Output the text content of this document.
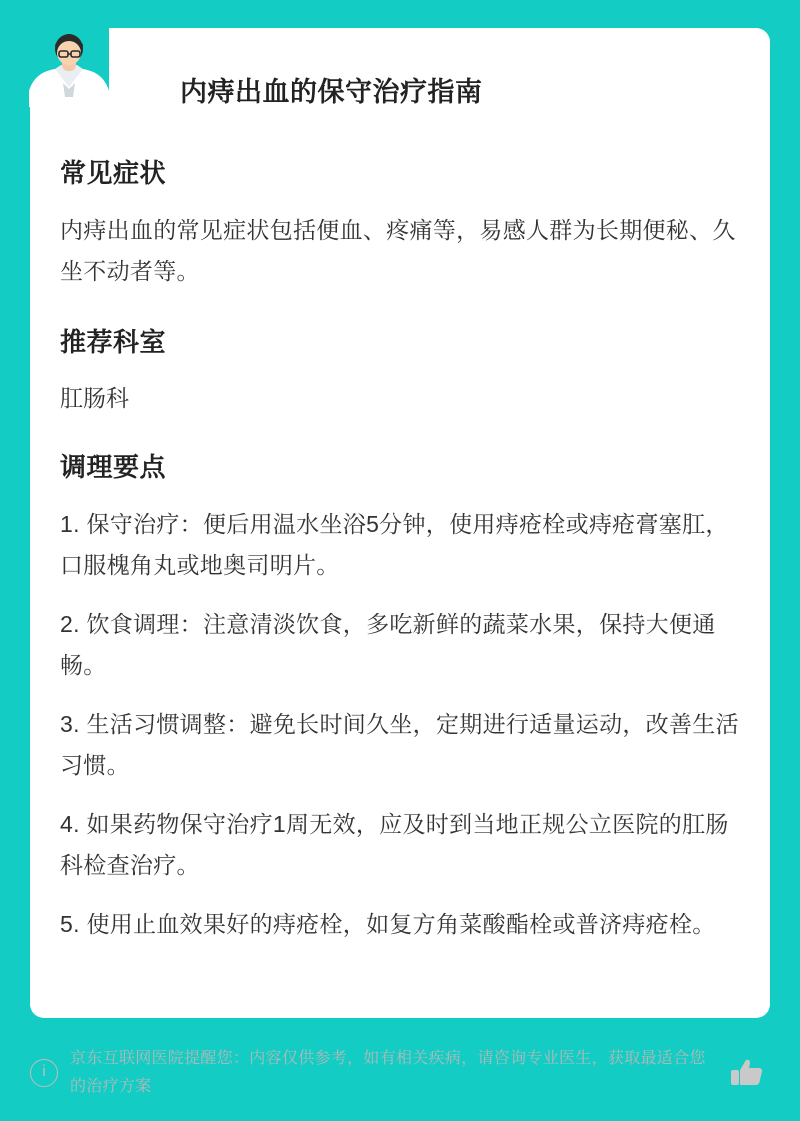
内痔出血的保守治疗指南
常见症状

内痔出血的常见症状包括便血、疼痛等，易感人群为长期便秘、久坐不动者等。

推荐科室

肛肠科

调理要点

1. 保守治疗：便后用温水坐浴5分钟，使用痔疮栓或痔疮膏塞肛，口服槐角丸或地奥司明片。

2. 饮食调理：注意清淡饮食，多吃新鲜的蔬菜水果，保持大便通畅。

3. 生活习惯调整：避免长时间久坐，定期进行适量运动，改善生活习惯。

4. 如果药物保守治疗1周无效，应及时到当地正规公立医院的肛肠科检查治疗。

5. 使用止血效果好的痔疮栓，如复方角菜酸酯栓或普济痔疮栓。

i
京东互联网医院提醒您：内容仅供参考，如有相关疾病，请咨询专业医生，获取最适合您的治疗方案
